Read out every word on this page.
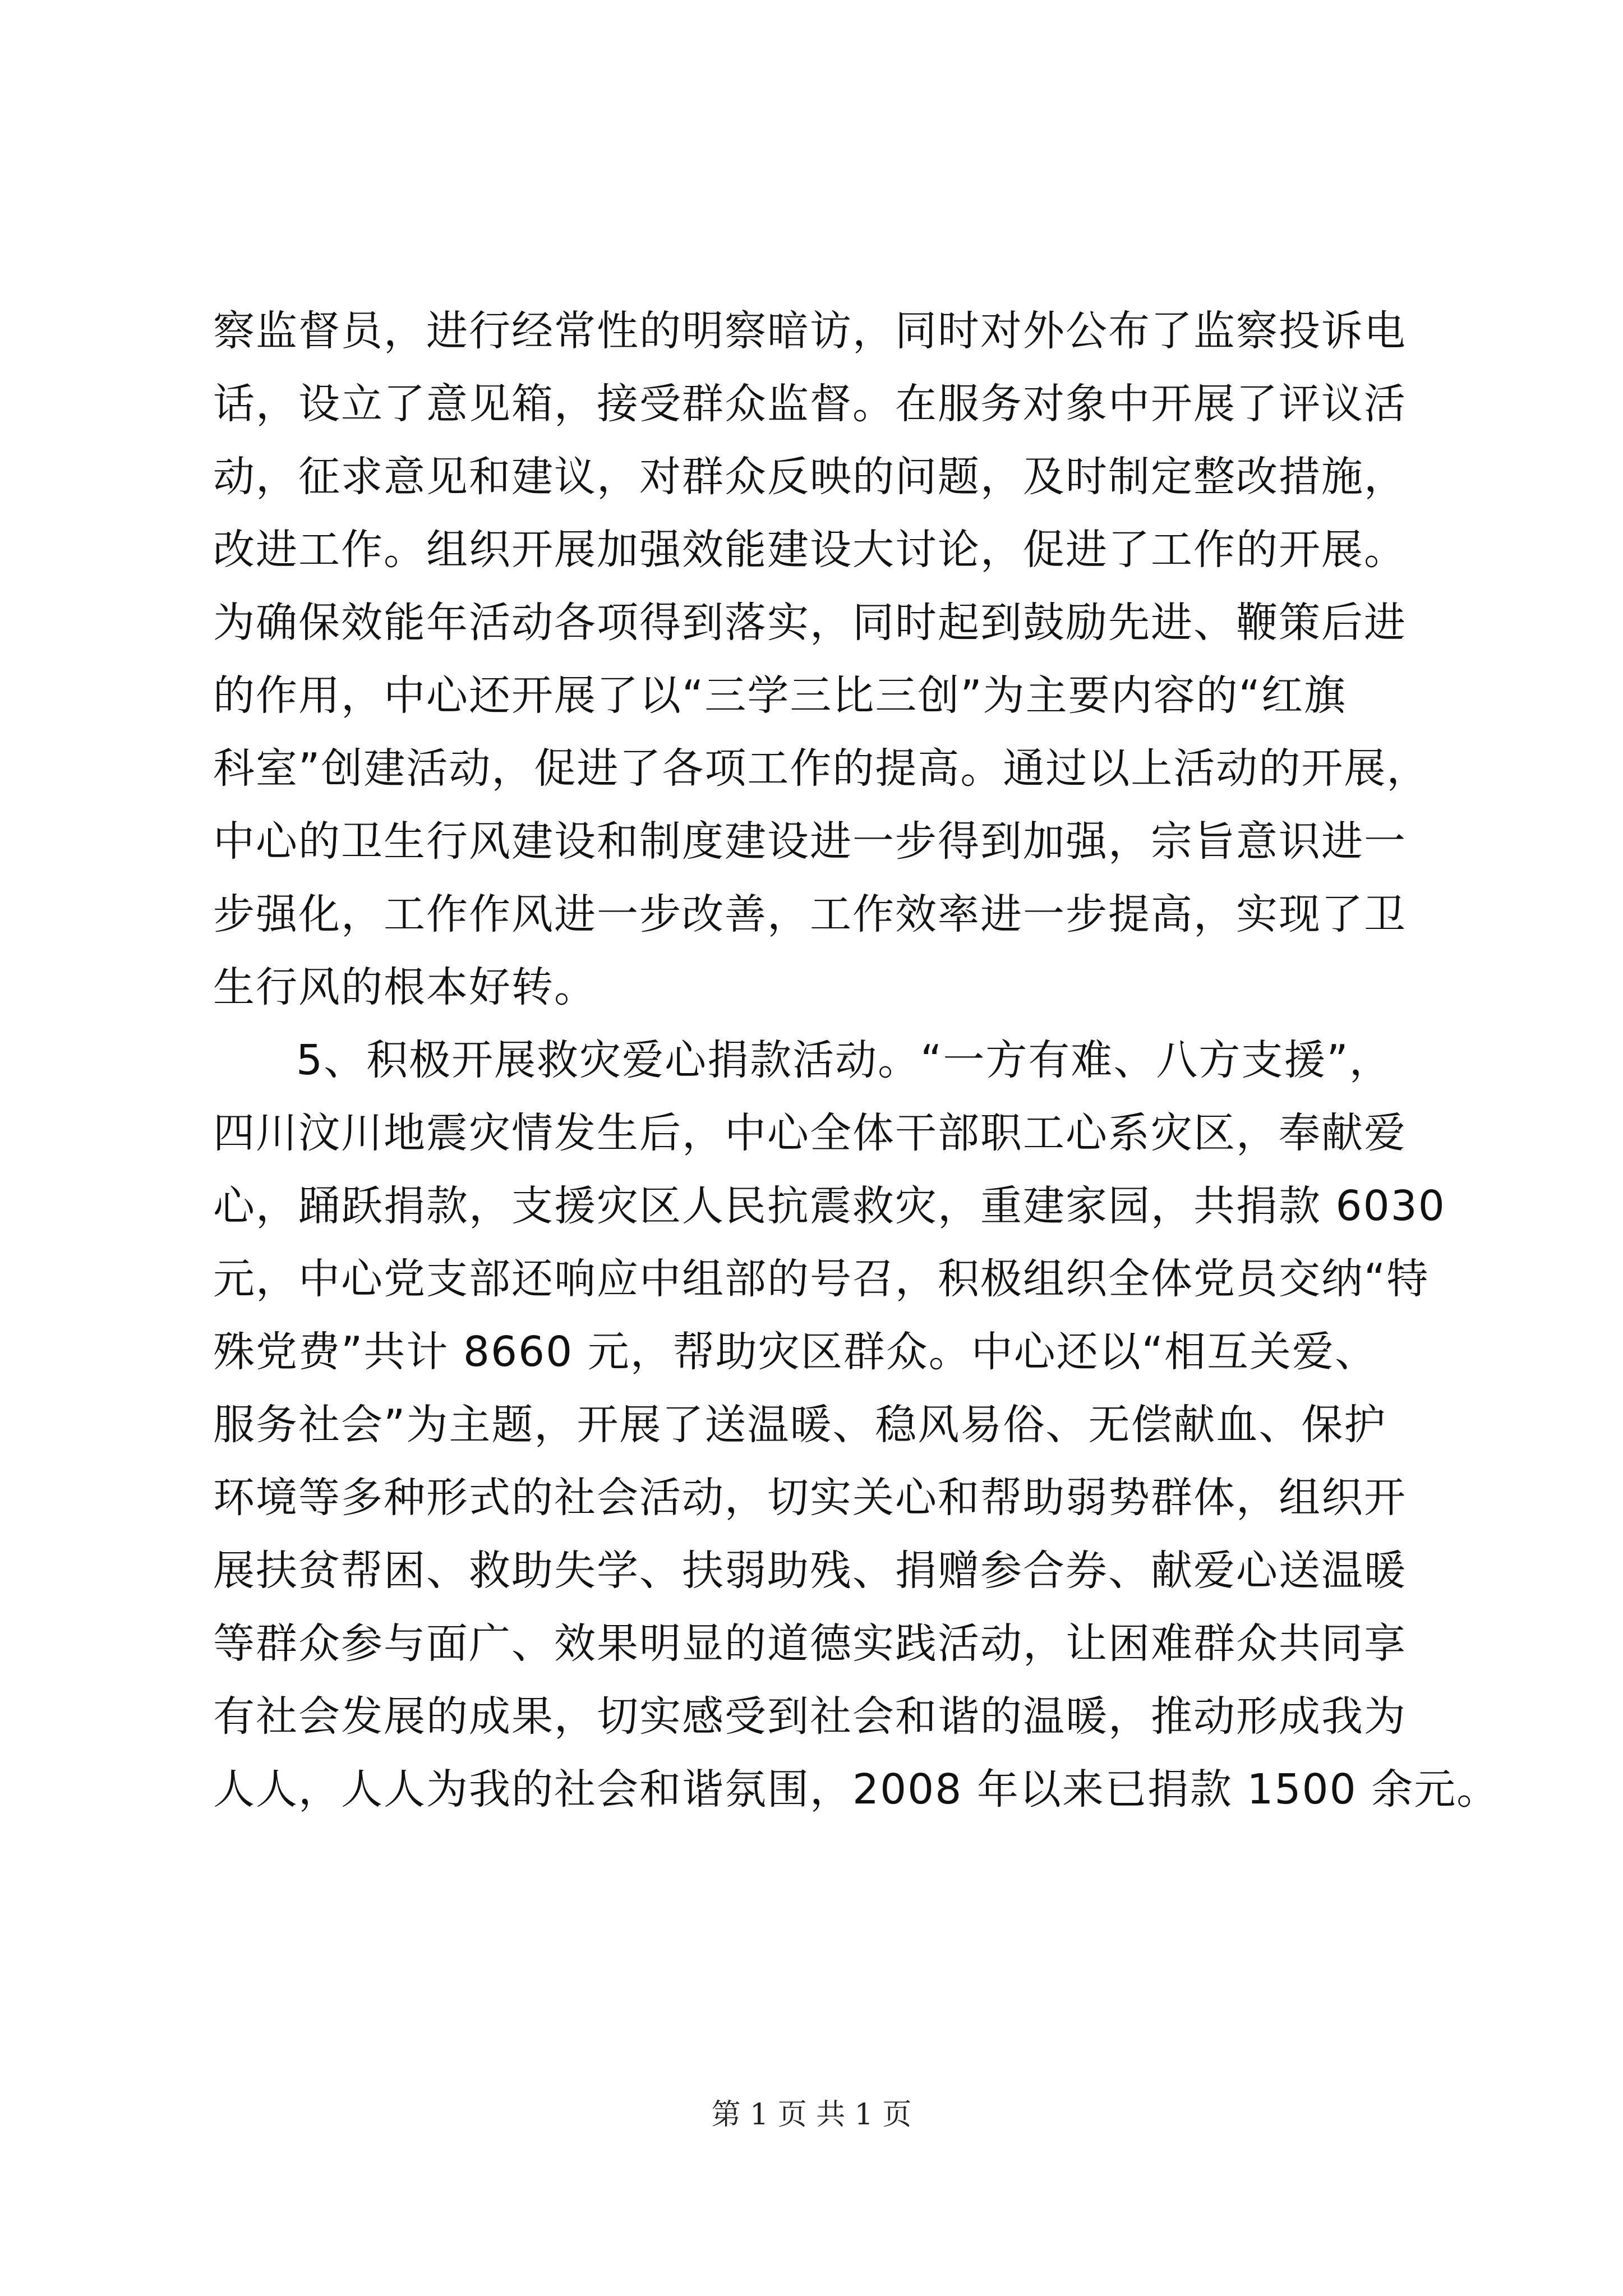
察监督员，进行经常性的明察暗访，同时对外公布了监察投诉电
话，设立了意见箱，接受群众监督。在服务对象中开展了评议活
动，征求意见和建议，对群众反映的问题，及时制定整改措施，
改进工作。组织开展加强效能建设大讨论，促进了工作的开展。
为确保效能年活动各项得到落实，同时起到鼓励先进、鞭策后进
的作用，中心还开展了以“三学三比三创”为主要内容的“红旗
科室”创建活动，促进了各项工作的提高。通过以上活动的开展，
中心的卫生行风建设和制度建设进一步得到加强，宗旨意识进一
步强化，工作作风进一步改善，工作效率进一步提高，实现了卫
生行风的根本好转。
5、积极开展救灾爱心捐款活动。“一方有难、八方支援”，
四川汶川地震灾情发生后，中心全体干部职工心系灾区，奉献爱
心，踊跃捐款，支援灾区人民抗震救灾，重建家园，共捐款 6030
元，中心党支部还响应中组部的号召，积极组织全体党员交纳“特
殊党费”共计 8660 元，帮助灾区群众。中心还以“相互关爱、
服务社会”为主题，开展了送温暖、稳风易俗、无偿献血、保护
环境等多种形式的社会活动，切实关心和帮助弱势群体，组织开
展扶贫帮困、救助失学、扶弱助残、捐赠参合券、献爱心送温暖
等群众参与面广、效果明显的道德实践活动，让困难群众共同享
有社会发展的成果，切实感受到社会和谐的温暖，推动形成我为
人人，人人为我的社会和谐氛围，2008 年以来已捐款 1500 余元。
第 1 页 共 1 页
